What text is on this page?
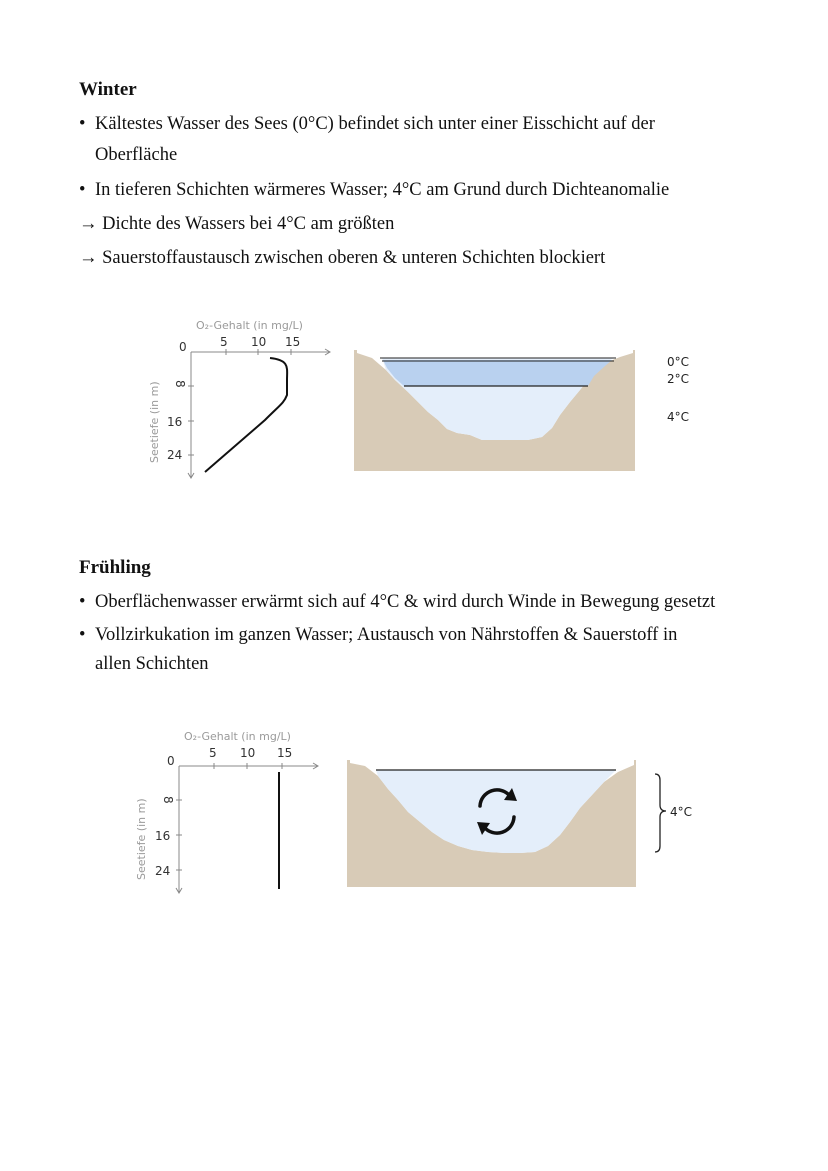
Winter
• Kältestes Wasser des Sees (0°C) befindet sich unter einer Eisschicht auf der
Oberfläche
• In tieferen Schichten wärmeres Wasser; 4°C am Grund durch Dichteanomalie
→ Dichte des Wassers bei 4°C am größten
→ Sauerstoffaustausch zwischen oberen & unteren Schichten blockiert
O₂-Gehalt (in mg/L)
Seetiefe (in m)
5 10 15
0
8
16
24
0°C
2°C
4°C
Frühling
• Oberflächenwasser erwärmt sich auf 4°C & wird durch Winde in Bewegung gesetzt
• Vollzirkukation im ganzen Wasser; Austausch von Nährstoffen & Sauerstoff in
allen Schichten
O₂-Gehalt (in mg/L)
Seetiefe (in m)
5 10 15
0
8
16
24
4°C
